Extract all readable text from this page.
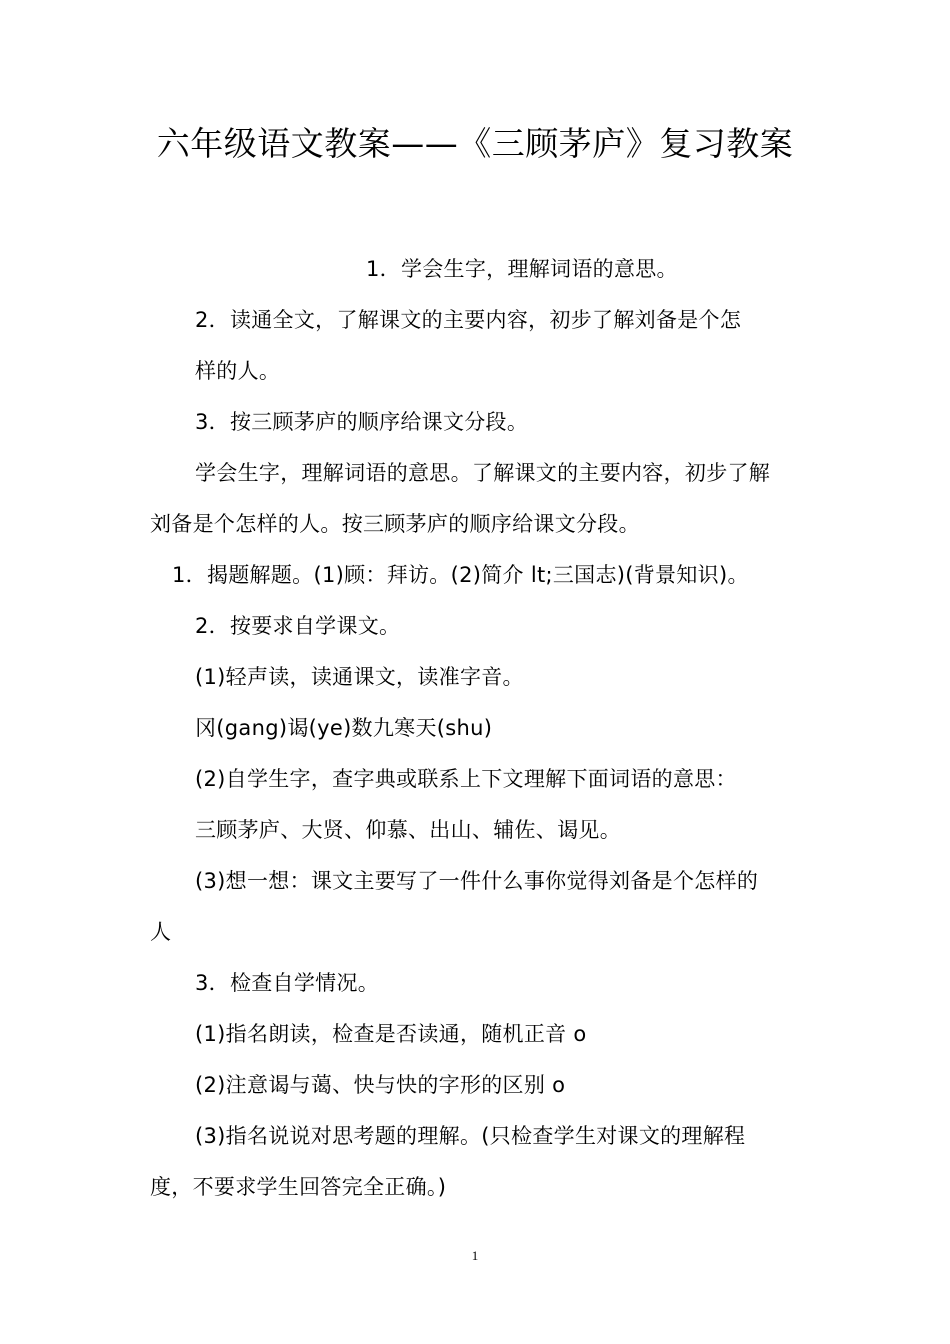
六年级语文教案——《三顾茅庐》复习教案
1．学会生字，理解词语的意思。
2．读通全文，了解课文的主要内容，初步了解刘备是个怎
样的人。
3．按三顾茅庐的顺序给课文分段。
学会生字，理解词语的意思。了解课文的主要内容，初步了解
刘备是个怎样的人。按三顾茅庐的顺序给课文分段。
1．揭题解题。(1)顾：拜访。(2)简介 lt;三国志)(背景知识)。
2．按要求自学课文。
(1)轻声读，读通课文，读准字音。
冈(gang)谒(ye)数九寒天(shu)
(2)自学生字，查字典或联系上下文理解下面词语的意思：
三顾茅庐、大贤、仰慕、出山、辅佐、谒见。
(3)想一想：课文主要写了一件什么事你觉得刘备是个怎样的
人
3．检查自学情况。
(1)指名朗读，检查是否读通，随机正音 o
(2)注意谒与蔼、快与快的字形的区别 o
(3)指名说说对思考题的理解。(只检查学生对课文的理解程
度，不要求学生回答完全正确。)
1
